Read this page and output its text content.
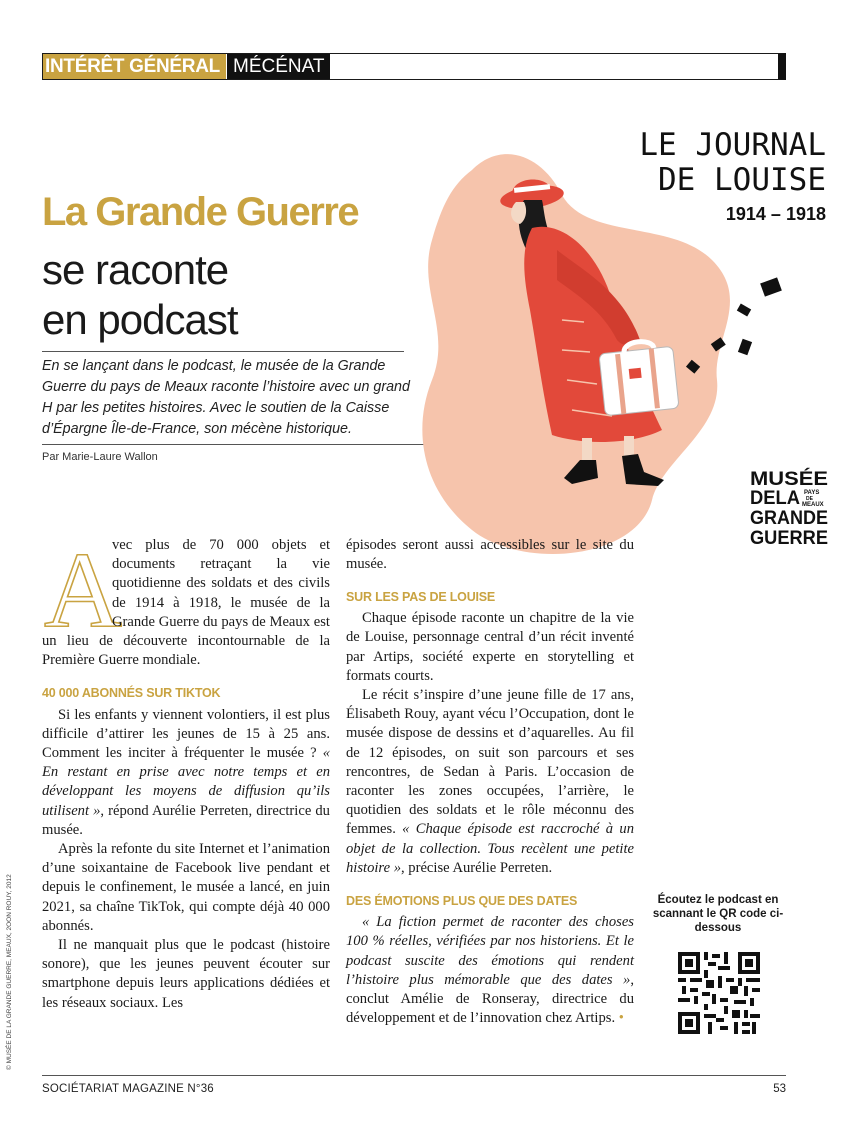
INTÉRÊT GÉNÉRAL MÉCÉNAT
La Grande Guerre
se raconte
en podcast

En se lançant dans le podcast, le musée de la Grande Guerre du pays de Meaux raconte l’histoire avec un grand H par les petites histoires. Avec le soutien de la Caisse d’Épargne Île-de-France, son mécène historique.

Par Marie-Laure Wallon
LE JOURNAL
DE LOUISE
1914 – 1918
MUSÉE
DELA PAYS
DE
MEAUX
GRANDE
GUERRE
A

vec plus de 70 000 objets et documents retraçant la vie quotidienne des soldats et des civils de 1914 à 1918, le musée de la Grande Guerre du pays de Meaux est un lieu de découverte incontournable de la Première Guerre mondiale.

40 000 ABONNÉS SUR TIKTOK

Si les enfants y viennent volontiers, il est plus difficile d’attirer les jeunes de 15 à 25 ans. Comment les inciter à fréquenter le musée ? « En restant en prise avec notre temps et en développant les moyens de diffusion qu’ils utilisent », répond Aurélie Perreten, directrice du musée.

Après la refonte du site Internet et l’animation d’une soixantaine de Facebook live pendant et depuis le confinement, le musée a lancé, en juin 2021, sa chaîne TikTok, qui compte déjà 40 000 abonnés.

Il ne manquait plus que le podcast (histoire sonore), que les jeunes peuvent écouter sur smartphone depuis leurs applications dédiées et les réseaux sociaux. Les

épisodes seront aussi accessibles sur le site du musée.

SUR LES PAS DE LOUISE

Chaque épisode raconte un chapitre de la vie de Louise, personnage central d’un récit inventé par Artips, société experte en storytelling et formats courts.

Le récit s’inspire d’une jeune fille de 17 ans, Élisabeth Rouy, ayant vécu l’Occupation, dont le musée dispose de dessins et d’aquarelles. Au fil de 12 épisodes, on suit son parcours et ses rencontres, de Sedan à Paris. L’occasion de raconter les zones occupées, l’arrière, le quotidien des soldats et le rôle méconnu des femmes. « Chaque épisode est raccroché à un objet de la collection. Tous recèlent une petite histoire », précise Aurélie Perreten.

DES ÉMOTIONS PLUS QUE DES DATES

« La fiction permet de raconter des choses 100 % réelles, vérifiées par nos historiens. Et le podcast suscite des émotions qui rendent l’histoire plus mémorable que des dates », conclut Amélie de Ronseray, directrice du développement et de l’innovation chez Artips. •

Écoutez le podcast en scannant le QR code ci-dessous
© MUSÉE DE LA GRANDE GUERRE, MEAUX, 2OON ROUY, 2012
SOCIÉTARIAT MAGAZINE N°36	53
